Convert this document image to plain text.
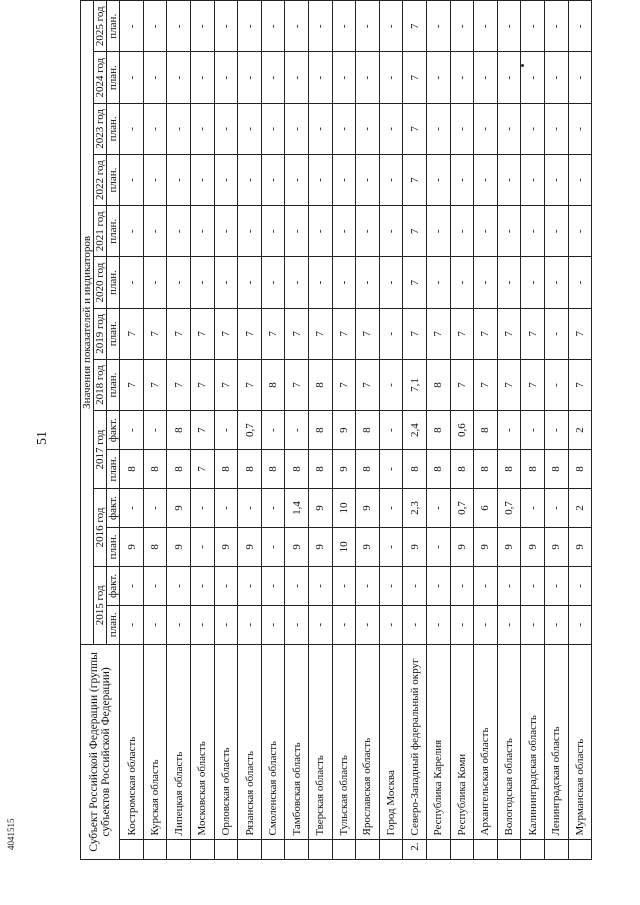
51
4041515	Субъект Российской Федерации (группы субъектов Российской Федерации)		Значения показателей и индикаторов													
		2015 год		2016 год		2017 год		2018 год	2019 год	2020 год	2021 год	2022 год	2023 год	2024 год	2025 год
		план.	факт.	план.	факт.	план.	факт.	план.	план.	план.	план.	план.	план.	план.	план.
	Костромская область	-	-	9	-	8	-	7	7	-	-	-	-	-	-
	Курская область	-	-	8	-	8	-	7	7	-	-	-	-	-	-
	Липецкая область	-	-	9	9	8	8	7	7	-	-	-	-	-	-
	Московская область	-	-	-	-	7	7	7	7	-	-	-	-	-	-
	Орловская область	-	-	9	-	8	-	7	7	-	-	-	-	-	-
	Рязанская область	-	-	9	-	8	0,7	7	7	-	-	-	-	-	-
	Смоленская область	-	-	-	-	8	-	8	7	-	-	-	-	-	-
	Тамбовская область	-	-	9	1,4	8	-	7	7	-	-	-	-	-	-
	Тверская область	-	-	9	9	8	8	8	7	-	-	-	-	-	-
	Тульская область	-	-	10	10	9	9	7	7	-	-	-	-	-	-
	Ярославская область	-	-	9	9	8	8	7	7	-	-	-	-	-	-
	Город Москва	-	-	-	-	-	-	-	-	-	-	-	-	-	-
2.	Северо-Западный федеральный округ	-	-	9	2,3	8	2,4	7,1	7	7	7	7	7	7	7
	Республика Карелия	-	-	-	-	8	8	8	7	-	-	-	-	-	-
	Республика Коми	-	-	9	0,7	8	0,6	7	7	-	-	-	-	-	-
	Архангельская область	-	-	9	6	8	8	7	7	-	-	-	-	-	-
	Вологодская область	-	-	9	0,7	8	-	7	7	-	-	-	-	-	-
	Калининградская область	-	-	9	-	8	-	7	7	-	-	-	-	-	-
	Ленинградская область	-	-	9	-	8	-	-	-	-	-	-	-	-	-
	Мурманская область	-	-	9	2	8	2	7	7	-	-	-	-	-	-
